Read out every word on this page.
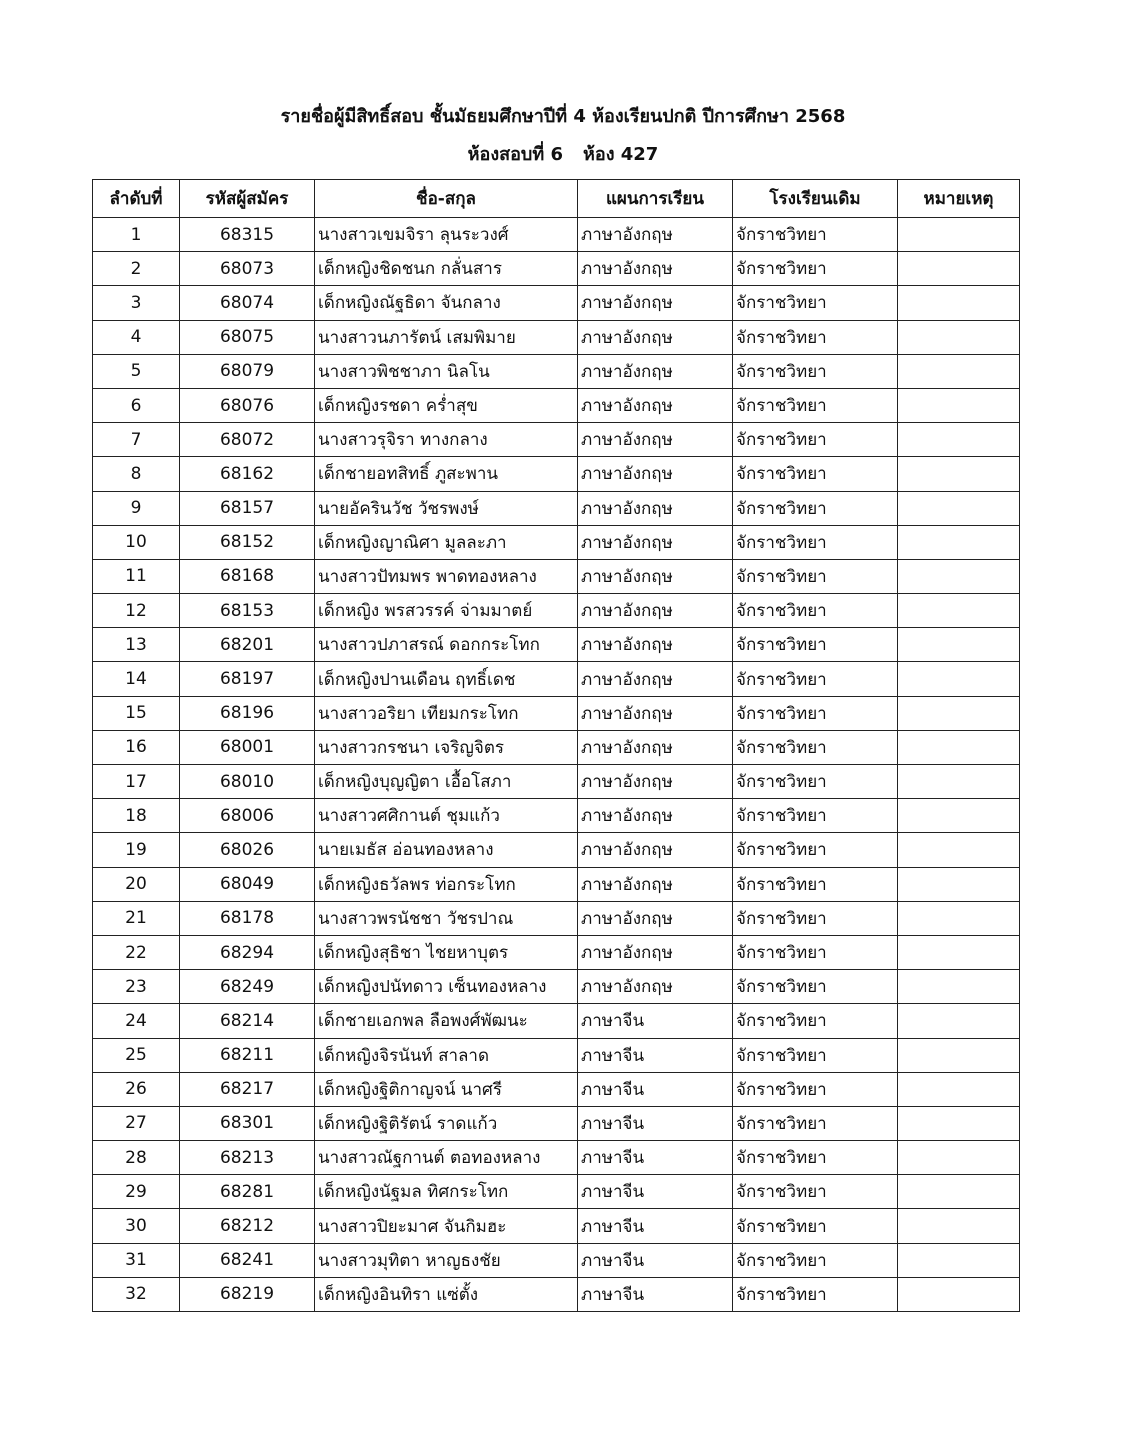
รายชื่อผู้มีสิทธิ์สอบ ชั้นมัธยมศึกษาปีที่ 4 ห้องเรียนปกติ ปีการศึกษา 2568
ห้องสอบที่ 6 ห้อง 427
ลำดับที่	รหัสผู้สมัคร	ชื่อ-สกุล	แผนการเรียน	โรงเรียนเดิม	หมายเหตุ
1	68315	นางสาวเขมจิรา ลุนระวงศ์	ภาษาอังกฤษ	จักราชวิทยา	
2	68073	เด็กหญิงชิดชนก กลั่นสาร	ภาษาอังกฤษ	จักราชวิทยา	
3	68074	เด็กหญิงณัฐธิดา จันกลาง	ภาษาอังกฤษ	จักราชวิทยา	
4	68075	นางสาวนภารัตน์ เสมพิมาย	ภาษาอังกฤษ	จักราชวิทยา	
5	68079	นางสาวพิชชาภา นิลโน	ภาษาอังกฤษ	จักราชวิทยา	
6	68076	เด็กหญิงรชดา คร่ำสุข	ภาษาอังกฤษ	จักราชวิทยา	
7	68072	นางสาวรุจิรา ทางกลาง	ภาษาอังกฤษ	จักราชวิทยา	
8	68162	เด็กชายอทสิทธิ์ ภูสะพาน	ภาษาอังกฤษ	จักราชวิทยา	
9	68157	นายอัครินวัช วัชรพงษ์	ภาษาอังกฤษ	จักราชวิทยา	
10	68152	เด็กหญิงญาณิศา มูลละภา	ภาษาอังกฤษ	จักราชวิทยา	
11	68168	นางสาวปัทมพร พาดทองหลาง	ภาษาอังกฤษ	จักราชวิทยา	
12	68153	เด็กหญิง พรสวรรค์ จ่ามมาตย์	ภาษาอังกฤษ	จักราชวิทยา	
13	68201	นางสาวปภาสรณ์ ดอกกระโทก	ภาษาอังกฤษ	จักราชวิทยา	
14	68197	เด็กหญิงปานเดือน ฤทธิ์เดช	ภาษาอังกฤษ	จักราชวิทยา	
15	68196	นางสาวอริยา เทียมกระโทก	ภาษาอังกฤษ	จักราชวิทยา	
16	68001	นางสาวกรชนา เจริญจิตร	ภาษาอังกฤษ	จักราชวิทยา	
17	68010	เด็กหญิงบุญญิตา เอื้อโสภา	ภาษาอังกฤษ	จักราชวิทยา	
18	68006	นางสาวศศิกานต์ ชุมแก้ว	ภาษาอังกฤษ	จักราชวิทยา	
19	68026	นายเมธัส อ่อนทองหลาง	ภาษาอังกฤษ	จักราชวิทยา	
20	68049	เด็กหญิงธวัลพร ท่อกระโทก	ภาษาอังกฤษ	จักราชวิทยา	
21	68178	นางสาวพรนัชชา วัชรปาณ	ภาษาอังกฤษ	จักราชวิทยา	
22	68294	เด็กหญิงสุธิชา ไชยหาบุตร	ภาษาอังกฤษ	จักราชวิทยา	
23	68249	เด็กหญิงปนัทดาว เซ็นทองหลาง	ภาษาอังกฤษ	จักราชวิทยา	
24	68214	เด็กชายเอกพล ลือพงศ์พัฒนะ	ภาษาจีน	จักราชวิทยา	
25	68211	เด็กหญิงจิรนันท์ สาลาด	ภาษาจีน	จักราชวิทยา	
26	68217	เด็กหญิงฐิติกาญจน์ นาศรี	ภาษาจีน	จักราชวิทยา	
27	68301	เด็กหญิงฐิติรัตน์ ราดแก้ว	ภาษาจีน	จักราชวิทยา	
28	68213	นางสาวณัฐกานต์ ตอทองหลาง	ภาษาจีน	จักราชวิทยา	
29	68281	เด็กหญิงนัฐมล ทิศกระโทก	ภาษาจีน	จักราชวิทยา	
30	68212	นางสาวปิยะมาศ จันกิมฮะ	ภาษาจีน	จักราชวิทยา	
31	68241	นางสาวมุทิตา หาญธงชัย	ภาษาจีน	จักราชวิทยา	
32	68219	เด็กหญิงอินทิรา แซ่ตั้ง	ภาษาจีน	จักราชวิทยา	
